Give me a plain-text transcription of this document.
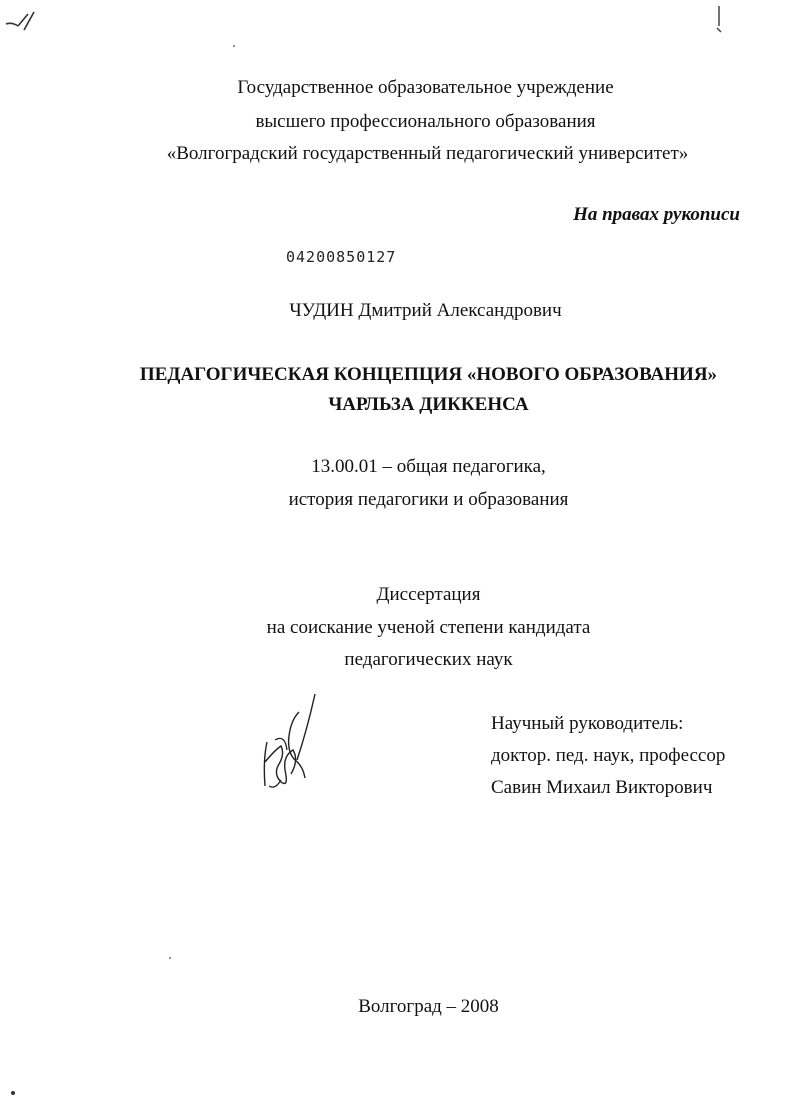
Государственное образовательное учреждение
высшего профессионального образования
«Волгоградский государственный педагогический университет»
На правах рукописи
04200850127
ЧУДИН Дмитрий Александрович
ПЕДАГОГИЧЕСКАЯ КОНЦЕПЦИЯ «НОВОГО ОБРАЗОВАНИЯ»
ЧАРЛЬЗА ДИККЕНСА
13.00.01 – общая педагогика,
история педагогики и образования
Диссертация
на соискание ученой степени кандидата
педагогических наук
Научный руководитель:
доктор. пед. наук, профессор
Савин Михаил Викторович
Волгоград – 2008
